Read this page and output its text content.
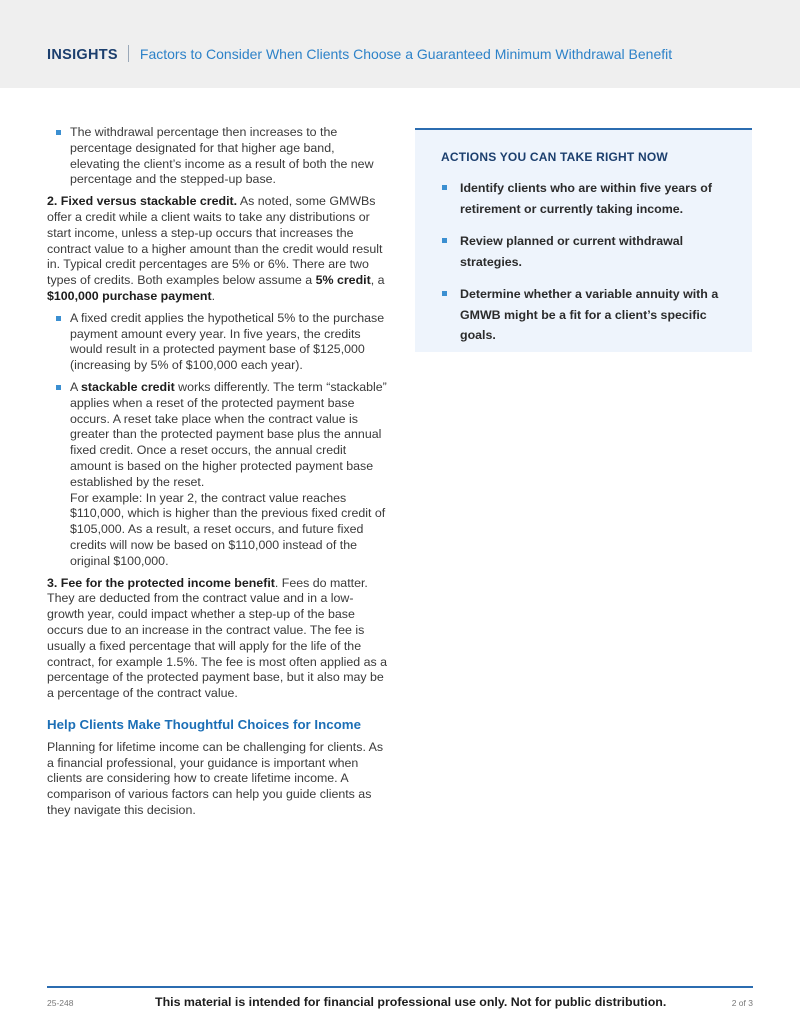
INSIGHTS Factors to Consider When Clients Choose a Guaranteed Minimum Withdrawal Benefit
The withdrawal percentage then increases to the percentage designated for that higher age band, elevating the client’s income as a result of both the new percentage and the stepped-up base.

2. Fixed versus stackable credit. As noted, some GMWBs offer a credit while a client waits to take any distributions or start income, unless a step-up occurs that increases the contract value to a higher amount than the credit would result in. Typical credit percentages are 5% or 6%. There are two types of credits. Both examples below assume a 5% credit, a $100,000 purchase payment.

A fixed credit applies the hypothetical 5% to the purchase payment amount every year. In five years, the credits would result in a protected payment base of $125,000 (increasing by 5% of $100,000 each year).
A stackable credit works differently. The term “stackable” applies when a reset of the protected payment base occurs. A reset take place when the contract value is greater than the protected payment base plus the annual fixed credit. Once a reset occurs, the annual credit amount is based on the higher protected payment base established by the reset.
For example: In year 2, the contract value reaches $110,000, which is higher than the previous fixed credit of $105,000. As a result, a reset occurs, and future fixed credits will now be based on $110,000 instead of the original $100,000.

3. Fee for the protected income benefit. Fees do matter. They are deducted from the contract value and in a low-growth year, could impact whether a step-up of the base occurs due to an increase in the contract value. The fee is usually a fixed percentage that will apply for the life of the contract, for example 1.5%. The fee is most often applied as a percentage of the protected payment base, but it also may be a percentage of the contract value.

Help Clients Make Thoughtful Choices for Income

Planning for lifetime income can be challenging for clients. As a financial professional, your guidance is important when clients are considering how to create lifetime income. A comparison of various factors can help you guide clients as they navigate this decision.

ACTIONS YOU CAN TAKE RIGHT NOW
Identify clients who are within five years of retirement or currently taking income.
Review planned or current withdrawal strategies.
Determine whether a variable annuity with a GMWB might be a fit for a client’s specific goals.
25-248	This material is intended for financial professional use only. Not for public distribution.	2 of 3
